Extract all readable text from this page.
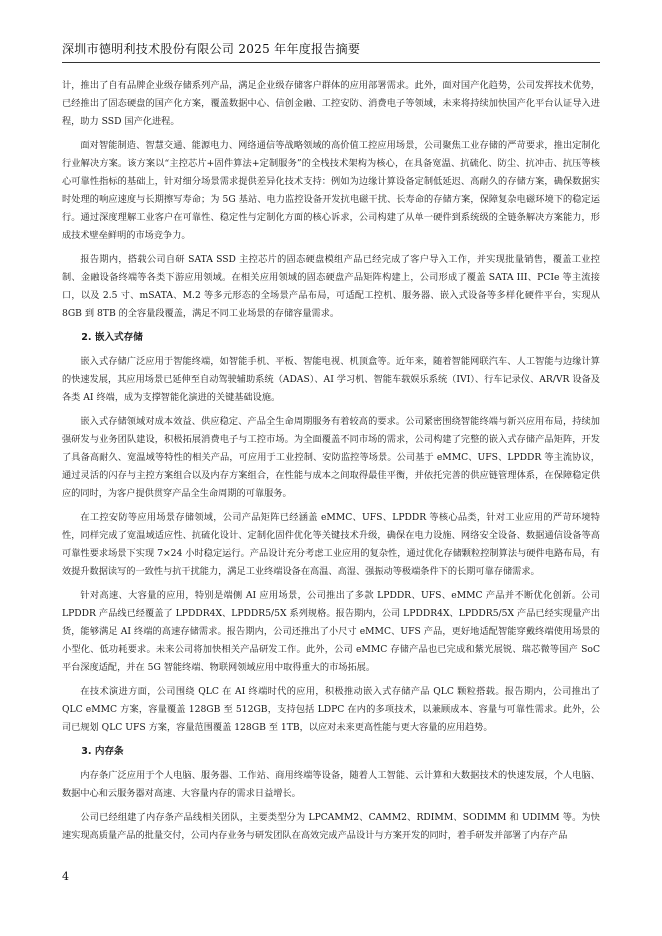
深圳市德明利技术股份有限公司 2025 年年度报告摘要

计，推出了自有品牌企业级存储系列产品，满足企业级存储客户群体的应用部署需求。此外，面对国产化趋势，公司发挥技术优势，已经推出了固态硬盘的国产化方案，覆盖数据中心、信创金融、工控安防、消费电子等领域，未来将持续加快国产化平台认证导入进程，助力 SSD 国产化进程。

面对智能制造、智慧交通、能源电力、网络通信等战略领域的高价值工控应用场景，公司聚焦工业存储的严苛要求，推出定制化行业解决方案。该方案以“主控芯片+固件算法+定制服务”的全栈技术架构为核心，在具备宽温、抗硫化、防尘、抗冲击、抗压等核心可靠性指标的基础上，针对细分场景需求提供差异化技术支持：例如为边缘计算设备定制低延迟、高耐久的存储方案，确保数据实时处理的响应速度与长期擦写寿命；为 5G 基站、电力监控设备开发抗电磁干扰、长寿命的存储方案，保障复杂电磁环境下的稳定运行。通过深度理解工业客户在可靠性、稳定性与定制化方面的核心诉求，公司构建了从单一硬件到系统级的全链条解决方案能力，形成技术壁垒鲜明的市场竞争力。

报告期内，搭载公司自研 SATA SSD 主控芯片的固态硬盘模组产品已经完成了客户导入工作，并实现批量销售，覆盖工业控制、金融设备终端等各类下游应用领域。在相关应用领域的固态硬盘产品矩阵构建上，公司形成了覆盖 SATA III、PCIe 等主流接口，以及 2.5 寸、mSATA、M.2 等多元形态的全场景产品布局，可适配工控机、服务器、嵌入式设备等多样化硬件平台，实现从 8GB 到 8TB 的全容量段覆盖，满足不同工业场景的存储容量需求。

2. 嵌入式存储

嵌入式存储广泛应用于智能终端，如智能手机、平板、智能电视、机顶盒等。近年来，随着智能网联汽车、人工智能与边缘计算的快速发展，其应用场景已延伸至自动驾驶辅助系统（ADAS）、AI 学习机、智能车载娱乐系统（IVI）、行车记录仪、AR/VR 设备及各类 AI 终端，成为支撑智能化演进的关键基础设施。

嵌入式存储领域对成本效益、供应稳定、产品全生命周期服务有着较高的要求。公司紧密围绕智能终端与新兴应用布局，持续加强研发与业务团队建设，积极拓展消费电子与工控市场。为全面覆盖不同市场的需求，公司构建了完整的嵌入式存储产品矩阵，开发了具备高耐久、宽温域等特性的相关产品，可应用于工业控制、安防监控等场景。公司基于 eMMC、UFS、LPDDR 等主流协议，通过灵活的闪存与主控方案组合以及内存方案组合，在性能与成本之间取得最佳平衡，并依托完善的供应链管理体系，在保障稳定供应的同时，为客户提供贯穿产品全生命周期的可靠服务。

在工控安防等应用场景存储领域，公司产品矩阵已经涵盖 eMMC、UFS、LPDDR 等核心品类，针对工业应用的严苛环境特性，同样完成了宽温域适应性、抗硫化设计、定制化固件优化等关键技术升级，确保在电力设施、网络安全设备、数据通信设备等高可靠性要求场景下实现 7×24 小时稳定运行。产品设计充分考虑工业应用的复杂性，通过优化存储颗粒控制算法与硬件电路布局，有效提升数据读写的一致性与抗干扰能力，满足工业终端设备在高温、高湿、强振动等极端条件下的长期可靠存储需求。

针对高速、大容量的应用，特别是端侧 AI 应用场景，公司推出了多款 LPDDR、UFS、eMMC 产品并不断优化创新。公司 LPDDR 产品线已经覆盖了 LPDDR4X、LPDDR5/5X 系列规格。报告期内，公司 LPDDR4X、LPDDR5/5X 产品已经实现量产出货，能够满足 AI 终端的高速存储需求。报告期内，公司还推出了小尺寸 eMMC、UFS 产品，更好地适配智能穿戴终端使用场景的小型化、低功耗要求。未来公司将加快相关产品研发工作。此外，公司 eMMC 存储产品也已完成和紫光展锐、瑞芯微等国产 SoC 平台深度适配，并在 5G 智能终端、物联网领域应用中取得重大的市场拓展。

在技术演进方面，公司围绕 QLC 在 AI 终端时代的应用，积极推动嵌入式存储产品 QLC 颗粒搭载。报告期内，公司推出了 QLC eMMC 方案，容量覆盖 128GB 至 512GB，支持包括 LDPC 在内的多项技术，以兼顾成本、容量与可靠性需求。此外，公司已规划 QLC UFS 方案，容量范围覆盖 128GB 至 1TB，以应对未来更高性能与更大容量的应用趋势。

3. 内存条

内存条广泛应用于个人电脑、服务器、工作站、商用终端等设备，随着人工智能、云计算和大数据技术的快速发展，个人电脑、数据中心和云服务器对高速、大容量内存的需求日益增长。

公司已经组建了内存条产品线相关团队，主要类型分为 LPCAMM2、CAMM2、RDIMM、SODIMM 和 UDIMM 等。为快速实现高质量产品的批量交付，公司内存业务与研发团队在高效完成产品设计与方案开发的同时，着手研发并部署了内存产品

4
